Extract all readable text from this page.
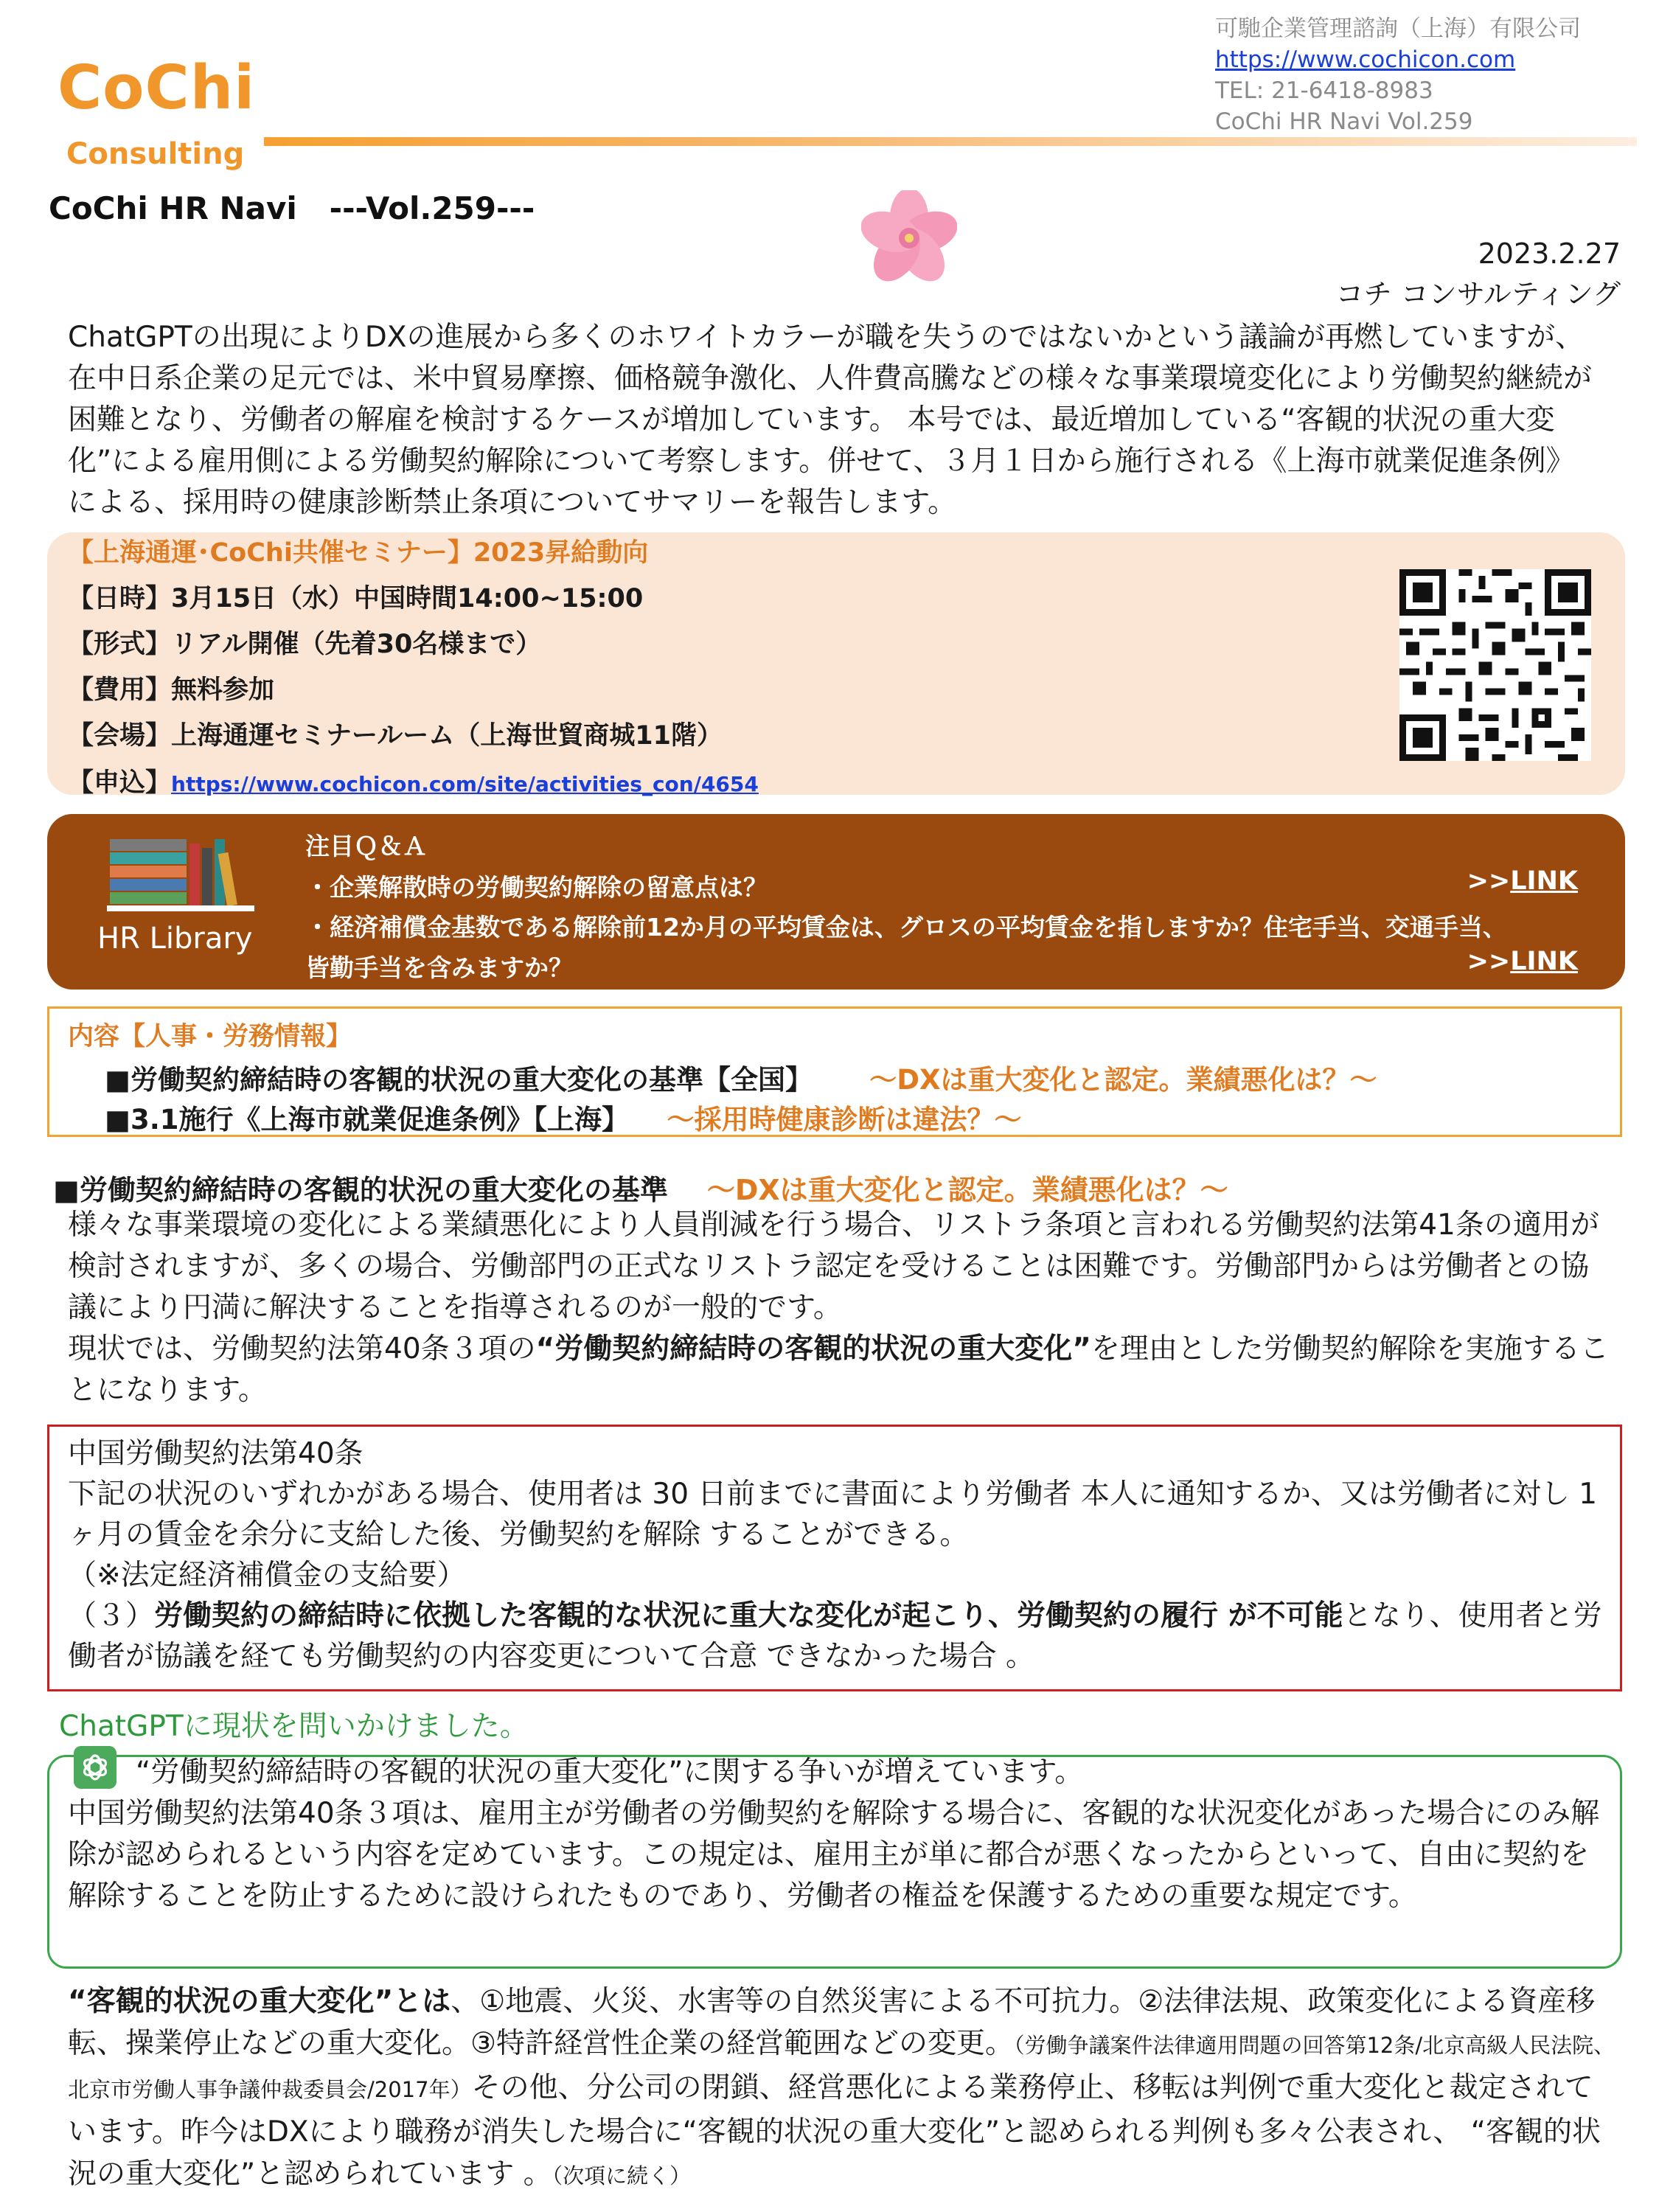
CoChi
Consulting
可馳企業管理諮詢（上海）有限公司
https://www.cochicon.com
TEL: 21-6418-8983
CoChi HR Navi Vol.259
CoChi HR Navi   ---Vol.259---
2023.2.27
コチ コンサルティング
ChatGPTの出現によりDXの進展から多くのホワイトカラーが職を失うのではないかという議論が再燃していますが、在中日系企業の足元では、米中貿易摩擦、価格競争激化、人件費高騰などの様々な事業環境変化により労働契約継続が困難となり、労働者の解雇を検討するケースが増加しています。 本号では、最近増加している“客観的状況の重大変化”による雇用側による労働契約解除について考察します。併せて、３月１日から施行される《上海市就業促進条例》による、採用時の健康診断禁止条項についてサマリーを報告します。
【上海通運･CoChi共催セミナー】2023昇給動向
【日時】3月15日（水）中国時間14:00~15:00
【形式】リアル開催（先着30名様まで）
【費用】無料参加
【会場】上海通運セミナールーム（上海世貿商城11階）
【申込】https://www.cochicon.com/site/activities_con/4654
HR Library
注目Ｑ＆Ａ
・企業解散時の労働契約解除の留意点は？	>>LINK
・経済補償金基数である解除前12か月の平均賃金は、グロスの平均賃金を指しますか？住宅手当、交通手当、
皆勤手当を含みますか？	>>LINK
内容【人事・労務情報】
■労働契約締結時の客観的状況の重大変化の基準【全国】 ～DXは重大変化と認定。業績悪化は？～
■3.1施行《上海市就業促進条例》【上海】 ～採用時健康診断は違法？～
■労働契約締結時の客観的状況の重大変化の基準 ～DXは重大変化と認定。業績悪化は？～
様々な事業環境の変化による業績悪化により人員削減を行う場合、リストラ条項と言われる労働契約法第41条の適用が検討されますが、多くの場合、労働部門の正式なリストラ認定を受けることは困難です。労働部門からは労働者との協議により円満に解決することを指導されるのが一般的です。
現状では、労働契約法第40条３項の“労働契約締結時の客観的状況の重大変化”を理由とした労働契約解除を実施することになります。
中国労働契約法第40条
下記の状況のいずれかがある場合、使用者は 30 日前までに書面により労働者 本人に通知するか、又は労働者に対し 1 ヶ月の賃金を余分に支給した後、労働契約を解除 することができる。
（※法定経済補償金の支給要）
（３）労働契約の締結時に依拠した客観的な状況に重大な変化が起こり、労働契約の履行 が不可能となり、使用者と労働者が協議を経ても労働契約の内容変更について合意 できなかった場合 。
ChatGPTに現状を問いかけました。
“労働契約締結時の客観的状況の重大変化”に関する争いが増えています。
中国労働契約法第40条３項は、雇用主が労働者の労働契約を解除する場合に、客観的な状況変化があった場合にのみ解除が認められるという内容を定めています。この規定は、雇用主が単に都合が悪くなったからといって、自由に契約を解除することを防止するために設けられたものであり、労働者の権益を保護するための重要な規定です。
“客観的状況の重大変化”とは、①地震、火災、水害等の自然災害による不可抗力。②法律法規、政策変化による資産移転、操業停止などの重大変化。③特許経営性企業の経営範囲などの変更。（労働争議案件法律適用問題の回答第12条/北京高級人民法院、北京市労働人事争議仲裁委員会/2017年）その他、分公司の閉鎖、経営悪化による業務停止、移転は判例で重大変化と裁定されています。昨今はDXにより職務が消失した場合に“客観的状況の重大変化”と認められる判例も多々公表され、 “客観的状況の重大変化”と認められています 。（次項に続く）
